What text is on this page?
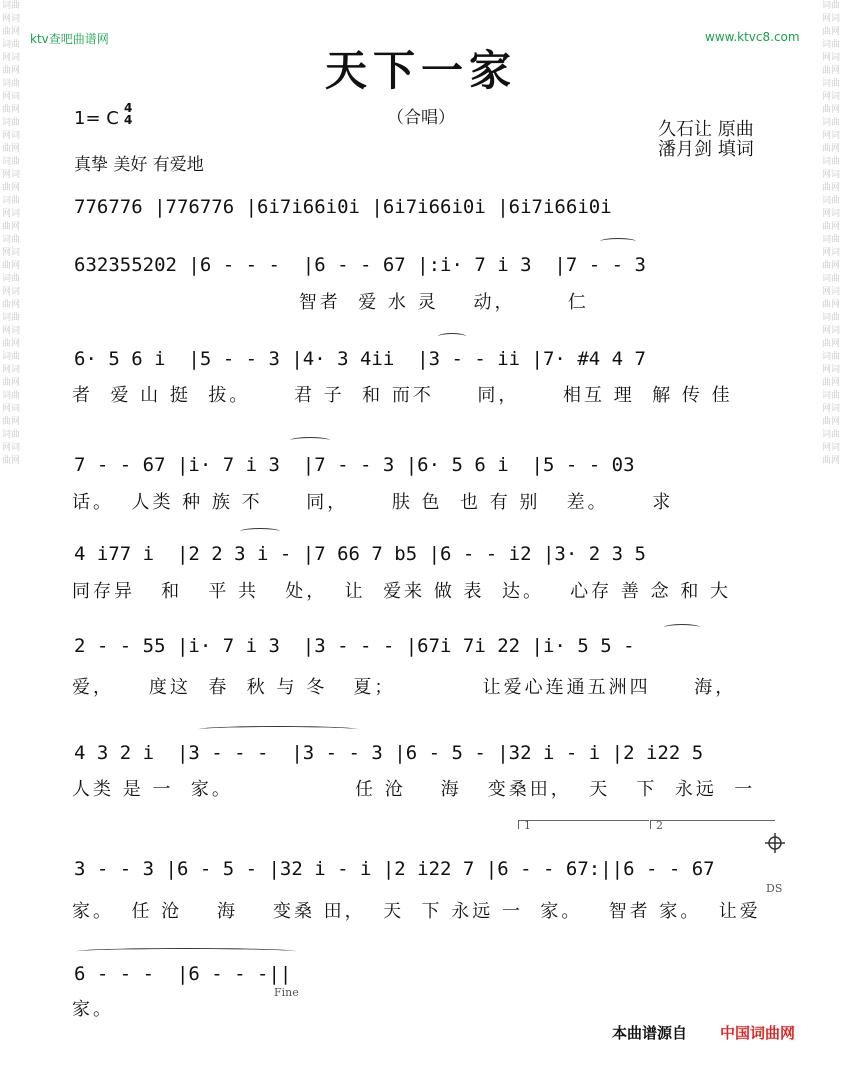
词曲网词曲网词曲网词曲网词曲网词曲网词曲网词曲网词曲网词曲网词曲网词曲网词曲网词曲网词曲网词曲网词曲网词曲网词曲网词曲网词曲网词曲网词曲网词曲网
词曲网词曲网词曲网词曲网词曲网词曲网词曲网词曲网词曲网词曲网词曲网词曲网词曲网词曲网词曲网词曲网词曲网词曲网词曲网词曲网词曲网词曲网词曲网词曲网
ktv查吧曲谱网	www.ktvc8.com
天下一家
（合唱）
1= C 4
4	久石让 原曲
潘月剑 填词
真挚 美好 有爱地
776776 |776776 |6i7i66i0i |6i7i66i0i |6i7i66i0i
632355202 |6 - - -  |6 - - 67 |:i· 7 i 3  |7 - - 3
智者  爱 水 灵    动，      仁
6· 5 6 i  |5 - - 3 |4· 3 4ii  |3 - - ii |7· #4 4 7
者  爱 山 挺  拔。     君 子  和 而不     同，     相互 理  解 传 佳
7 - - 67 |i· 7 i 3  |7 - - 3 |6· 5 6 i  |5 - - 03
话。  人类 种 族 不     同，     肤 色  也 有 别   差。     求
4 i77 i  |2 2 3 i - |7 66 7 b5 |6 - - i2 |3· 2 3 5
同存异   和   平 共   处，  让  爱来 做 表  达。   心存 善 念 和 大
2 - - 55 |i· 7 i 3  |3 - - - |67i 7i 22 |i· 5 5 -
爱，    度这  春  秋 与 冬   夏；          让爱心连通五洲四     海，
4 3 2 i  |3 - - -  |3 - - 3 |6 - 5 - |32 i - i |2 i22 5
人类 是 一  家。              任 沧    海   变桑田，  天   下  永远  一
3 - - 3 |6 - 5 - |32 i - i |2 i22 7 |6 - - 67:||6 - - 67
家。  任 沧    海    变桑 田，  天  下 永远 一  家。   智者 家。  让爱
6 - - -  |6 - - -||
家。
1	2
DS
Fine
本曲谱源自 中国词曲网
